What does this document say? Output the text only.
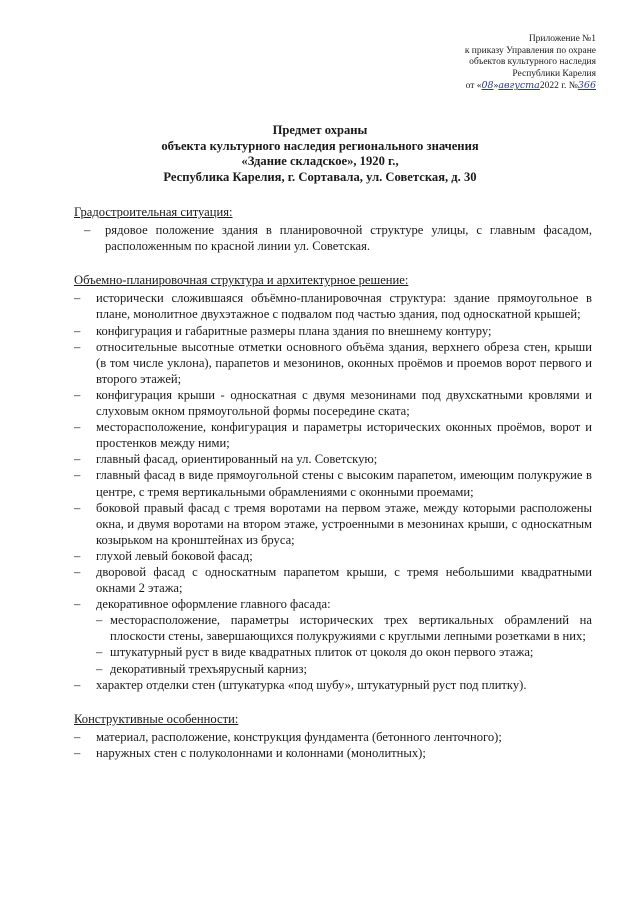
Приложение №1
к приказу Управления по охране
объектов культурного наследия
Республики Карелия
от «08»августа2022 г. №366
Предмет охраны
объекта культурного наследия регионального значения
«Здание складское», 1920 г.,
Республика Карелия, г. Сортавала, ул. Советская, д. 30
Градостроительная ситуация:
– рядовое положение здания в планировочной структуре улицы, с главным фасадом, расположенным по красной линии ул. Советская.
Объемно-планировочная структура и архитектурное решение:
– исторически сложившаяся объёмно-планировочная структура: здание прямоугольное в плане, монолитное двухэтажное с подвалом под частью здания, под односкатной крышей;
– конфигурация и габаритные размеры плана здания по внешнему контуру;
– относительные высотные отметки основного объёма здания, верхнего обреза стен, крыши (в том числе уклона), парапетов и мезонинов, оконных проёмов и проемов ворот первого и второго этажей;
– конфигурация крыши - односкатная с двумя мезонинами под двухскатными кровлями и слуховым окном прямоугольной формы посередине ската;
– месторасположение, конфигурация и параметры исторических оконных проёмов, ворот и простенков между ними;
– главный фасад, ориентированный на ул. Советскую;
– главный фасад в виде прямоугольной стены с высоким парапетом, имеющим полукружие в центре, с тремя вертикальными обрамлениями с оконными проемами;
– боковой правый фасад с тремя воротами на первом этаже, между которыми расположены окна, и двумя воротами на втором этаже, устроенными в мезонинах крыши, с односкатным козырьком на кронштейнах из бруса;
– глухой левый боковой фасад;
– дворовой фасад с односкатным парапетом крыши, с тремя небольшими квадратными окнами 2 этажа;
– декоративное оформление главного фасада:
– месторасположение, параметры исторических трех вертикальных обрамлений на плоскости стены, завершающихся полукружиями с круглыми лепными розетками в них;
– штукатурный руст в виде квадратных плиток от цоколя до окон первого этажа;
– декоративный трехъярусный карниз;
– характер отделки стен (штукатурка «под шубу», штукатурный руст под плитку).
Конструктивные особенности:
– материал, расположение, конструкция фундамента (бетонного ленточного);
– наружных стен с полуколоннами и колоннами (монолитных);
